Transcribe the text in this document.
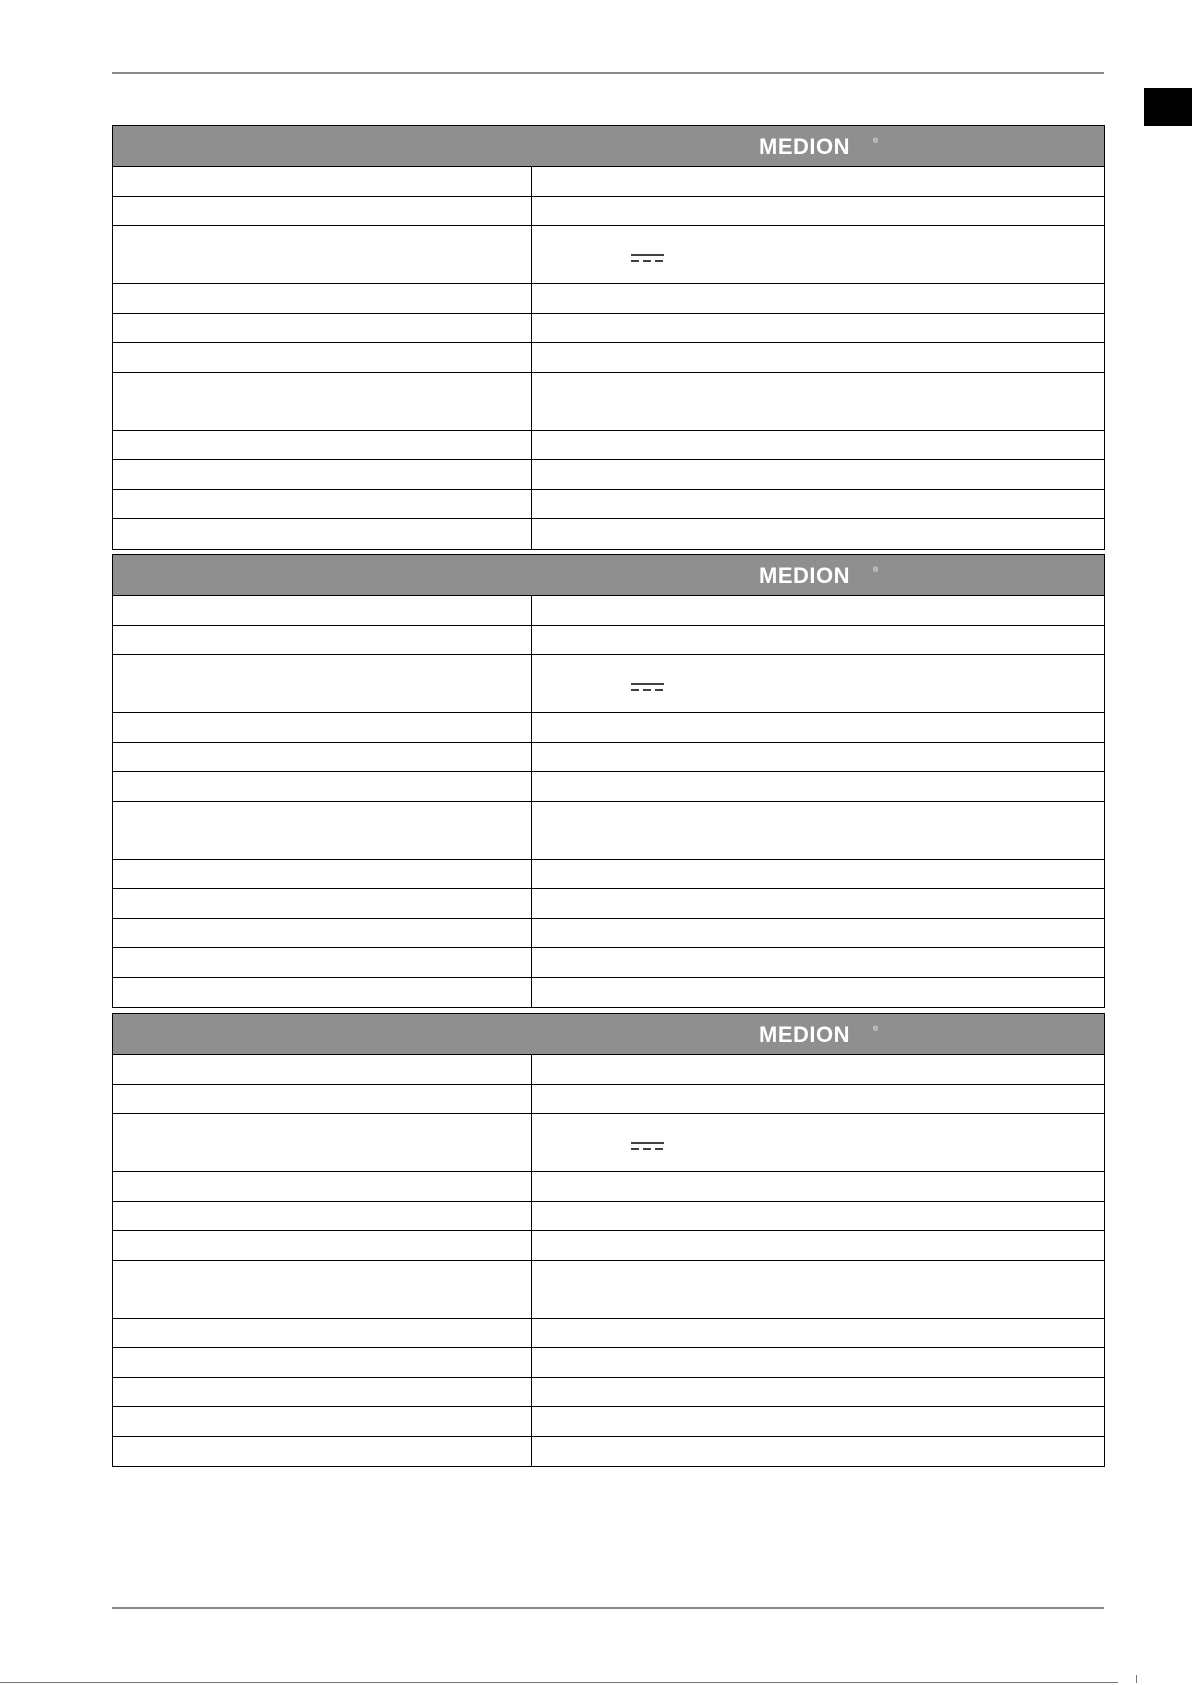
MEDION	®
MEDION	®
MEDION	®
